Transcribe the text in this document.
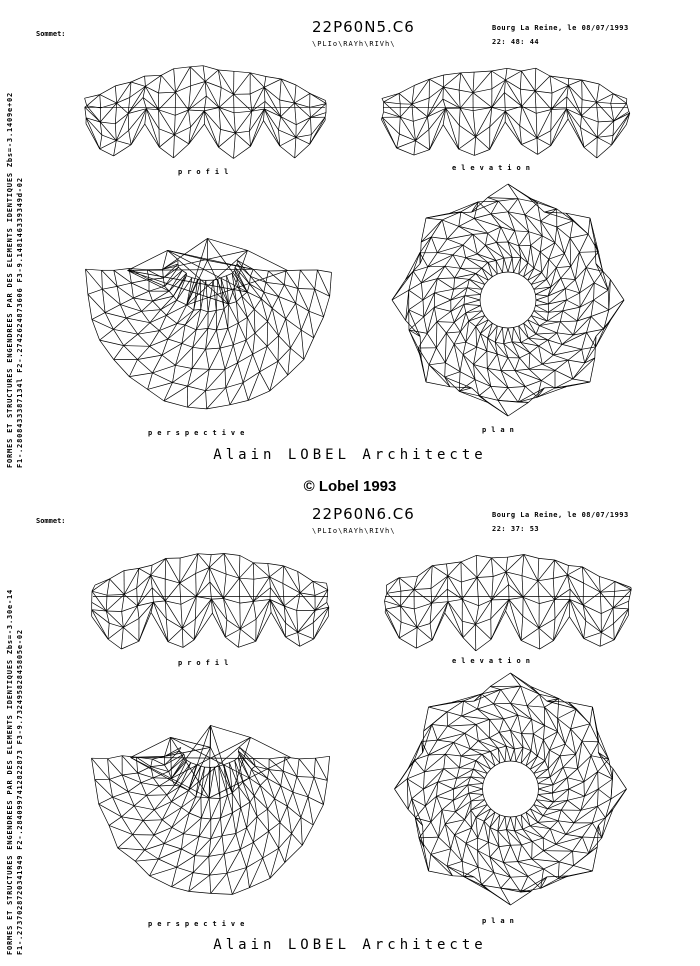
FORMES ET STRUCTURES ENGENDREES PAR DES ELEMENTS IDENTIQUES Zbs=-3.1409e+02 F1-.2808433387134l F2-.2742624873606 F3-9.148146339349d-02
Sommet:	22P60N5.C6
\PLIo\RAYh\RIVh\
Bourg La Reine, le 08/07/1993
22: 48: 44
profil	elevation
perspective	plan
Alain LOBEL Architecte
© Lobel 1993
FORMES ET STRUCTURES ENGENDREES PAR DES ELEMENTS IDENTIQUES Zbs=-3.30e-14 F1-.2737028720341949 F2-.2840997412822873 F3-9.73249582845805e-02
Sommet:	22P60N6.C6
\PLIo\RAYh\RIVh\
Bourg La Reine, le 08/07/1993
22: 37: 53
profil	elevation
perspective	plan
Alain LOBEL Architecte
